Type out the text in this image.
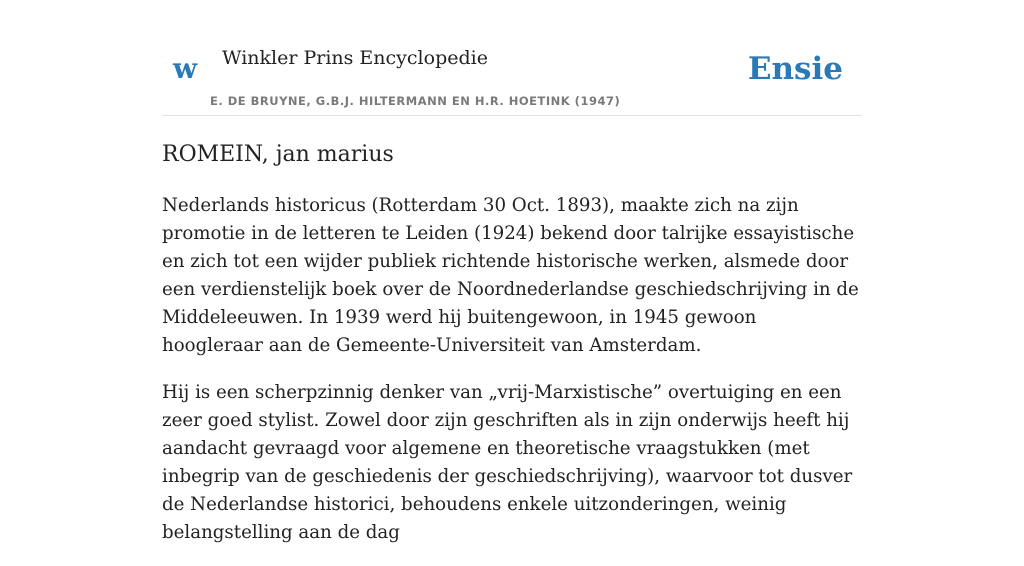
w Winkler Prins Encyclopedie
E. DE BRUYNE, G.B.J. HILTERMANN EN H.R. HOETINK (1947)
Ensie
ROMEIN, jan marius

Nederlands historicus (Rotterdam 30 Oct. 1893), maakte zich na zijn promotie in de letteren te Leiden (1924) bekend door talrijke essayistische en zich tot een wijder publiek richtende historische werken, alsmede door een verdienstelijk boek over de Noordnederlandse geschiedschrijving in de Middeleeuwen. In 1939 werd hij buitengewoon, in 1945 gewoon hoogleraar aan de Gemeente-Universiteit van Amsterdam.

Hij is een scherpzinnig denker van „vrij-Marxistische” overtuiging en een zeer goed stylist. Zowel door zijn geschriften als in zijn onderwijs heeft hij aandacht gevraagd voor algemene en theoretische vraagstukken (met inbegrip van de geschiedenis der geschiedschrijving), waarvoor tot dusver de Nederlandse historici, behoudens enkele uitzonderingen, weinig belangstelling aan de dag
